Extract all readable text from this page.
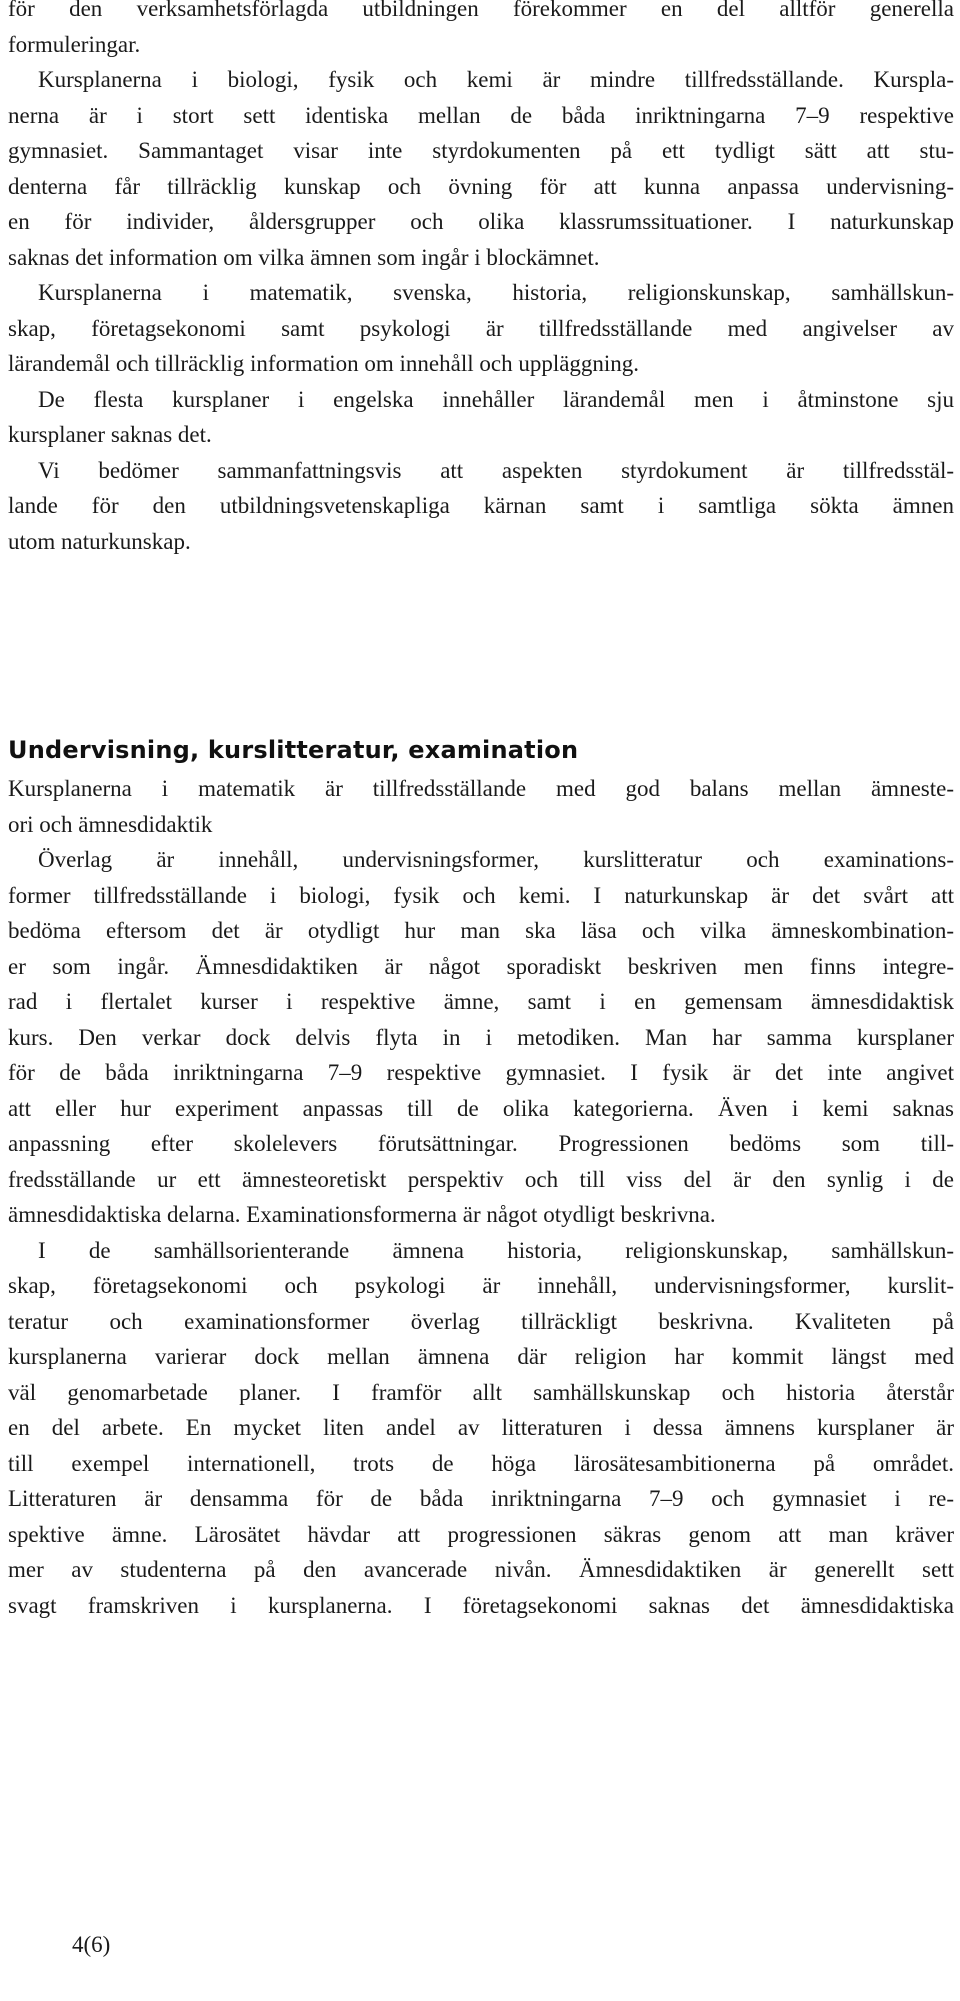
för den verksamhetsförlagda utbildningen förekommer en del alltför generella
formuleringar.
Kursplanerna i biologi, fysik och kemi är mindre tillfredsställande. Kurspla-
nerna är i stort sett identiska mellan de båda inriktningarna 7–9 respektive
gymnasiet. Sammantaget visar inte styrdokumenten på ett tydligt sätt att stu-
denterna får tillräcklig kunskap och övning för att kunna anpassa undervisning-
en för individer, åldersgrupper och olika klassrumssituationer. I naturkunskap
saknas det information om vilka ämnen som ingår i blockämnet.
Kursplanerna i matematik, svenska, historia, religionskunskap, samhällskun-
skap, företagsekonomi samt psykologi är tillfredsställande med angivelser av
lärandemål och tillräcklig information om innehåll och uppläggning.
De flesta kursplaner i engelska innehåller lärandemål men i åtminstone sju
kursplaner saknas det.
Vi bedömer sammanfattningsvis att aspekten styrdokument är tillfredsstäl-
lande för den utbildningsvetenskapliga kärnan samt i samtliga sökta ämnen
utom naturkunskap.
Undervisning, kurslitteratur, examination
Kursplanerna i matematik är tillfredsställande med god balans mellan ämneste-
ori och ämnesdidaktik
Överlag är innehåll, undervisningsformer, kurslitteratur och examinations-
former tillfredsställande i biologi, fysik och kemi. I naturkunskap är det svårt att
bedöma eftersom det är otydligt hur man ska läsa och vilka ämneskombination-
er som ingår. Ämnesdidaktiken är något sporadiskt beskriven men finns integre-
rad i flertalet kurser i respektive ämne, samt i en gemensam ämnesdidaktisk
kurs. Den verkar dock delvis flyta in i metodiken. Man har samma kursplaner
för de båda inriktningarna 7–9 respektive gymnasiet. I fysik är det inte angivet
att eller hur experiment anpassas till de olika kategorierna. Även i kemi saknas
anpassning efter skolelevers förutsättningar. Progressionen bedöms som till-
fredsställande ur ett ämnesteoretiskt perspektiv och till viss del är den synlig i de
ämnesdidaktiska delarna. Examinationsformerna är något otydligt beskrivna.
I de samhällsorienterande ämnena historia, religionskunskap, samhällskun-
skap, företagsekonomi och psykologi är innehåll, undervisningsformer, kurslit-
teratur och examinationsformer överlag tillräckligt beskrivna. Kvaliteten på
kursplanerna varierar dock mellan ämnena där religion har kommit längst med
väl genomarbetade planer. I framför allt samhällskunskap och historia återstår
en del arbete. En mycket liten andel av litteraturen i dessa ämnens kursplaner är
till exempel internationell, trots de höga lärosätesambitionerna på området.
Litteraturen är densamma för de båda inriktningarna 7–9 och gymnasiet i re-
spektive ämne. Lärosätet hävdar att progressionen säkras genom att man kräver
mer av studenterna på den avancerade nivån. Ämnesdidaktiken är generellt sett
svagt framskriven i kursplanerna. I företagsekonomi saknas det ämnesdidaktiska
4(6)
